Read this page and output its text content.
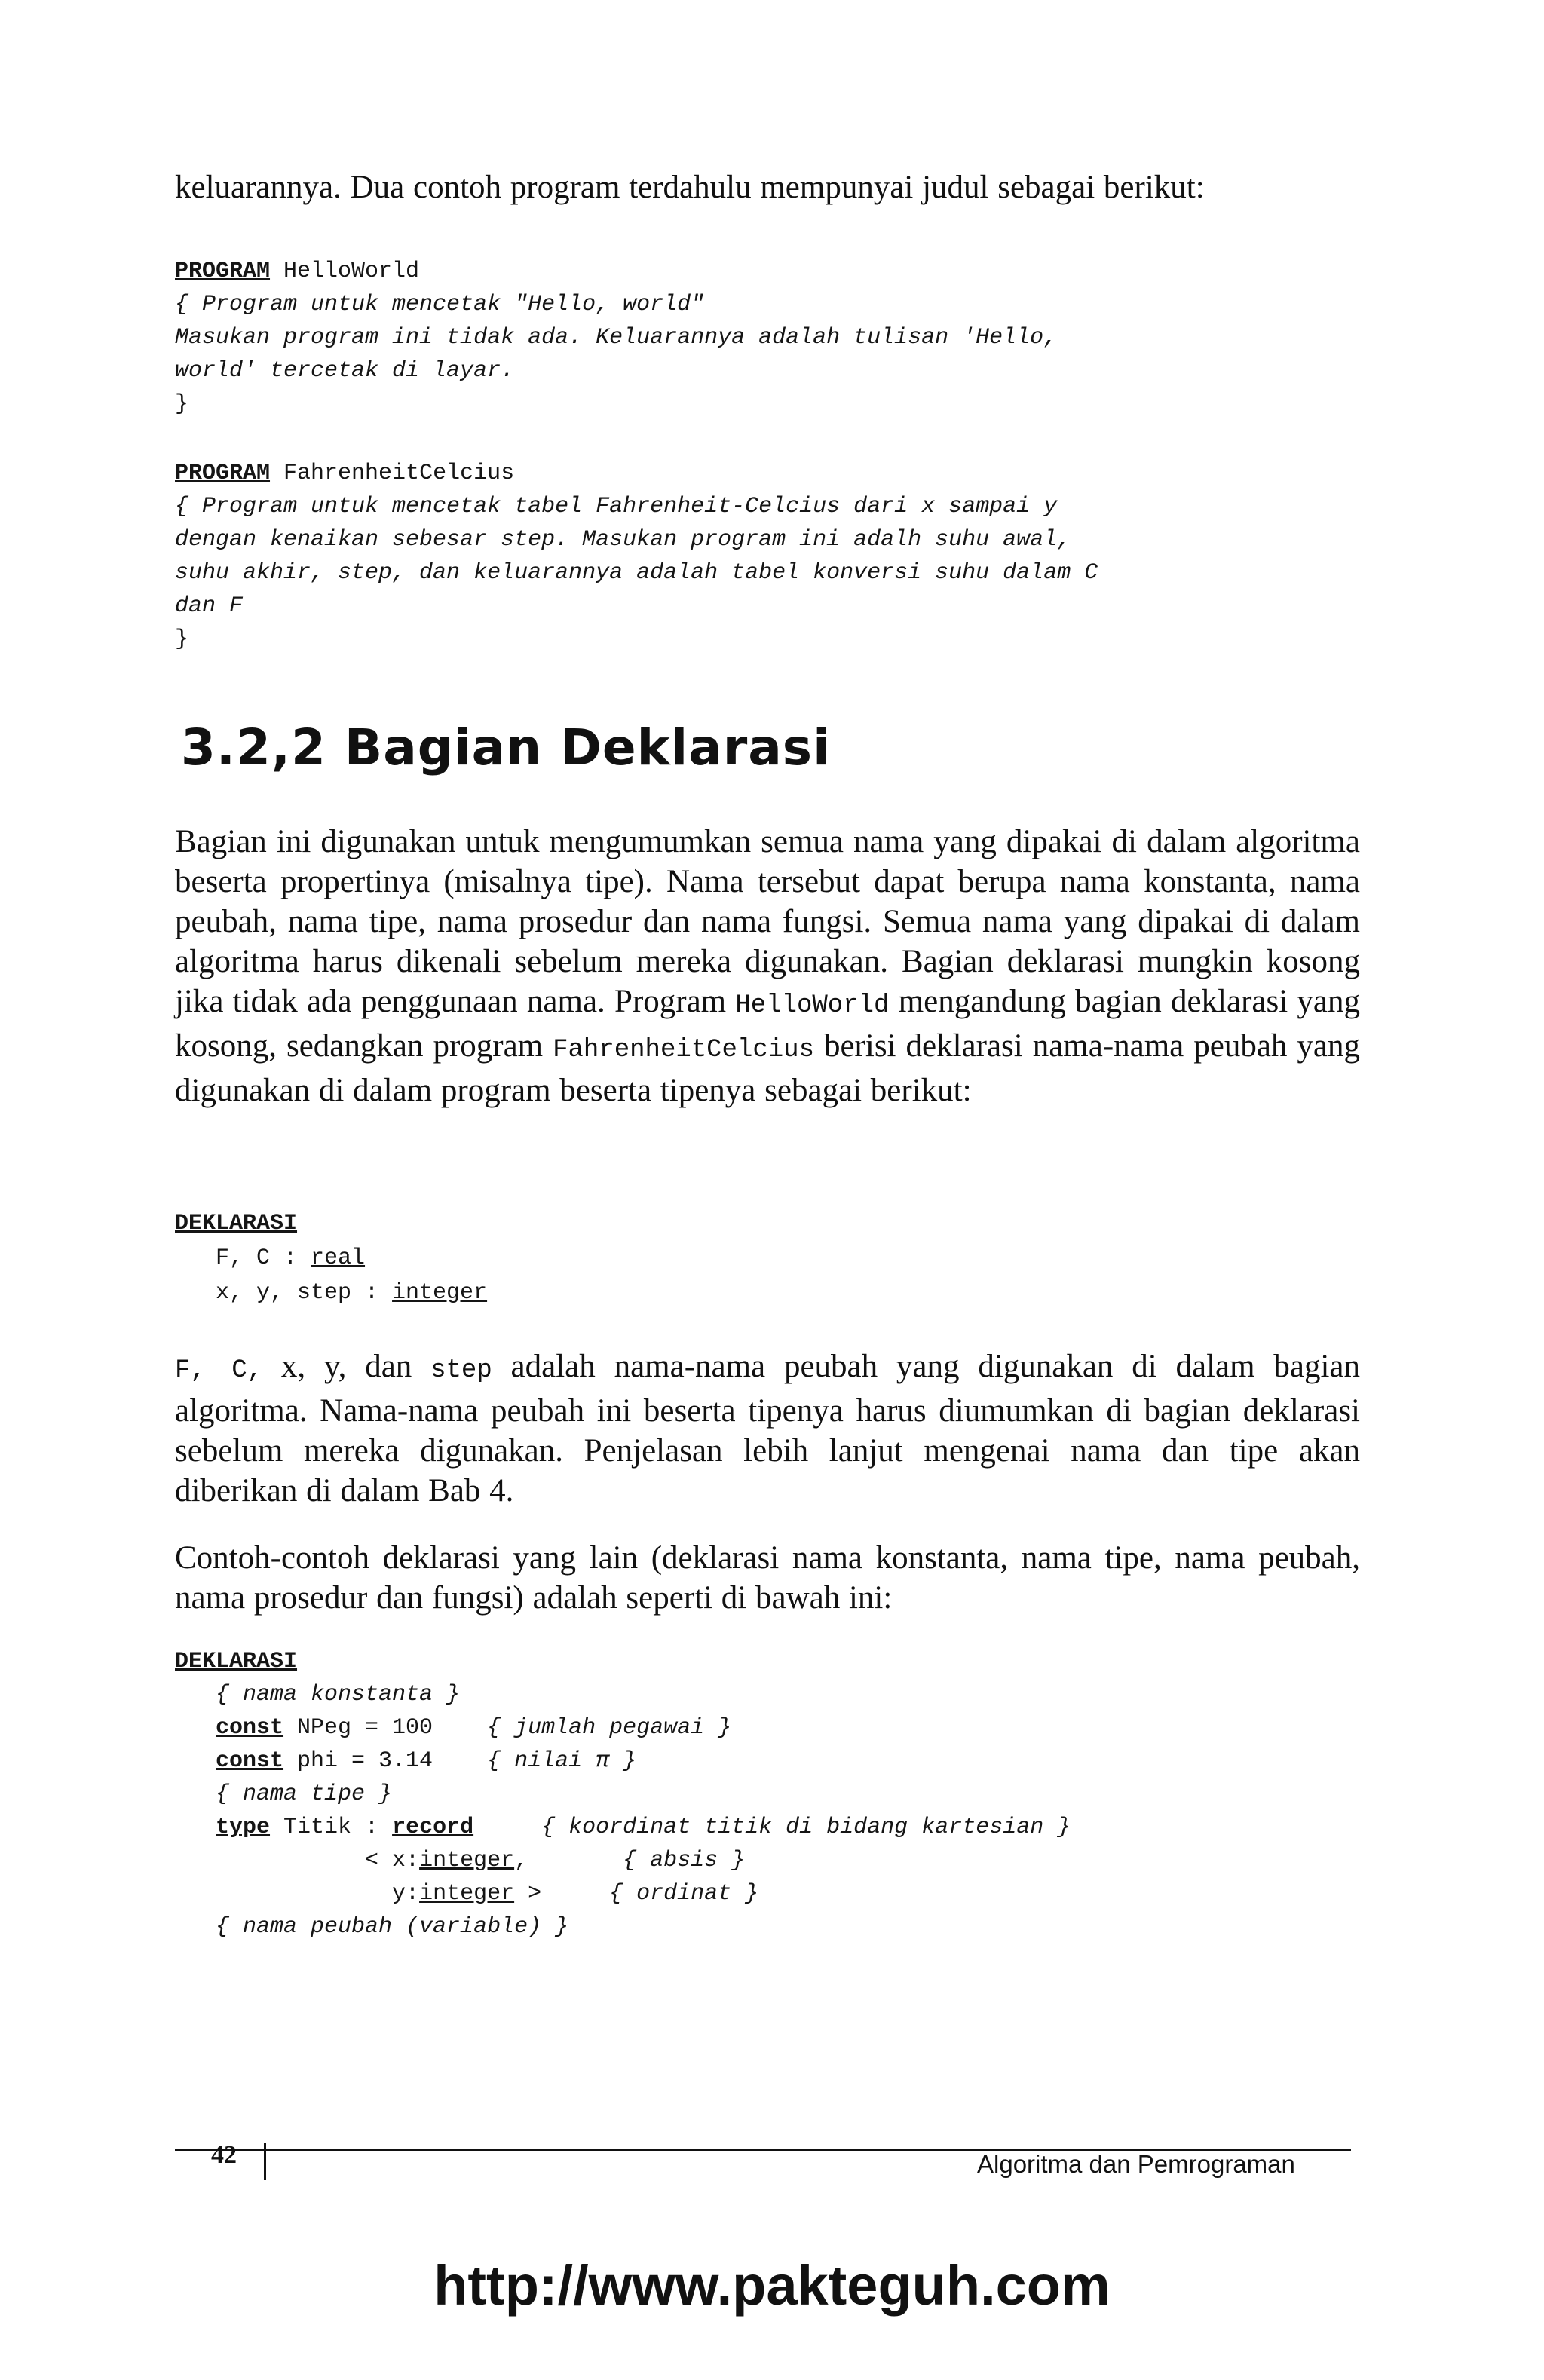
keluarannya. Dua contoh program terdahulu mempunyai judul sebagai berikut:

PROGRAM HelloWorld
{ Program untuk mencetak "Hello, world"
Masukan program ini tidak ada. Keluarannya adalah tulisan 'Hello,
world' tercetak di layar.
}
PROGRAM FahrenheitCelcius
{ Program untuk mencetak tabel Fahrenheit-Celcius dari x sampai y
dengan kenaikan sebesar step. Masukan program ini adalh suhu awal,
suhu akhir, step, dan keluarannya adalah tabel konversi suhu dalam C
dan F
}
3.2,2 Bagian Deklarasi

Bagian ini digunakan untuk mengumumkan semua nama yang dipakai di dalam algoritma beserta propertinya (misalnya tipe). Nama tersebut dapat berupa nama konstanta, nama peubah, nama tipe, nama prosedur dan nama fungsi. Semua nama yang dipakai di dalam algoritma harus dikenali sebelum mereka digunakan. Bagian deklarasi mungkin kosong jika tidak ada penggunaan nama. Program HelloWorld mengandung bagian deklarasi yang kosong, sedangkan program FahrenheitCelcius berisi deklarasi nama-nama peubah yang digunakan di dalam program beserta tipenya sebagai berikut:

DEKLARASI
F, C : real
x, y, step : integer

F, C, x, y, dan step adalah nama-nama peubah yang digunakan di dalam bagian algoritma. Nama-nama peubah ini beserta tipenya harus diumumkan di bagian deklarasi sebelum mereka digunakan. Penjelasan lebih lanjut mengenai nama dan tipe akan diberikan di dalam Bab 4.

Contoh-contoh deklarasi yang lain (deklarasi nama konstanta, nama tipe, nama peubah, nama prosedur dan fungsi) adalah seperti di bawah ini:

DEKLARASI
{ nama konstanta }
const NPeg = 100    { jumlah pegawai }
const phi = 3.14    { nilai π }
{ nama tipe }
type Titik : record     { koordinat titik di bidang kartesian }
< x:integer,       { absis }
y:integer >     { ordinat }
{ nama peubah (variable) }
42	Algoritma dan Pemrograman
http://www.pakteguh.com
